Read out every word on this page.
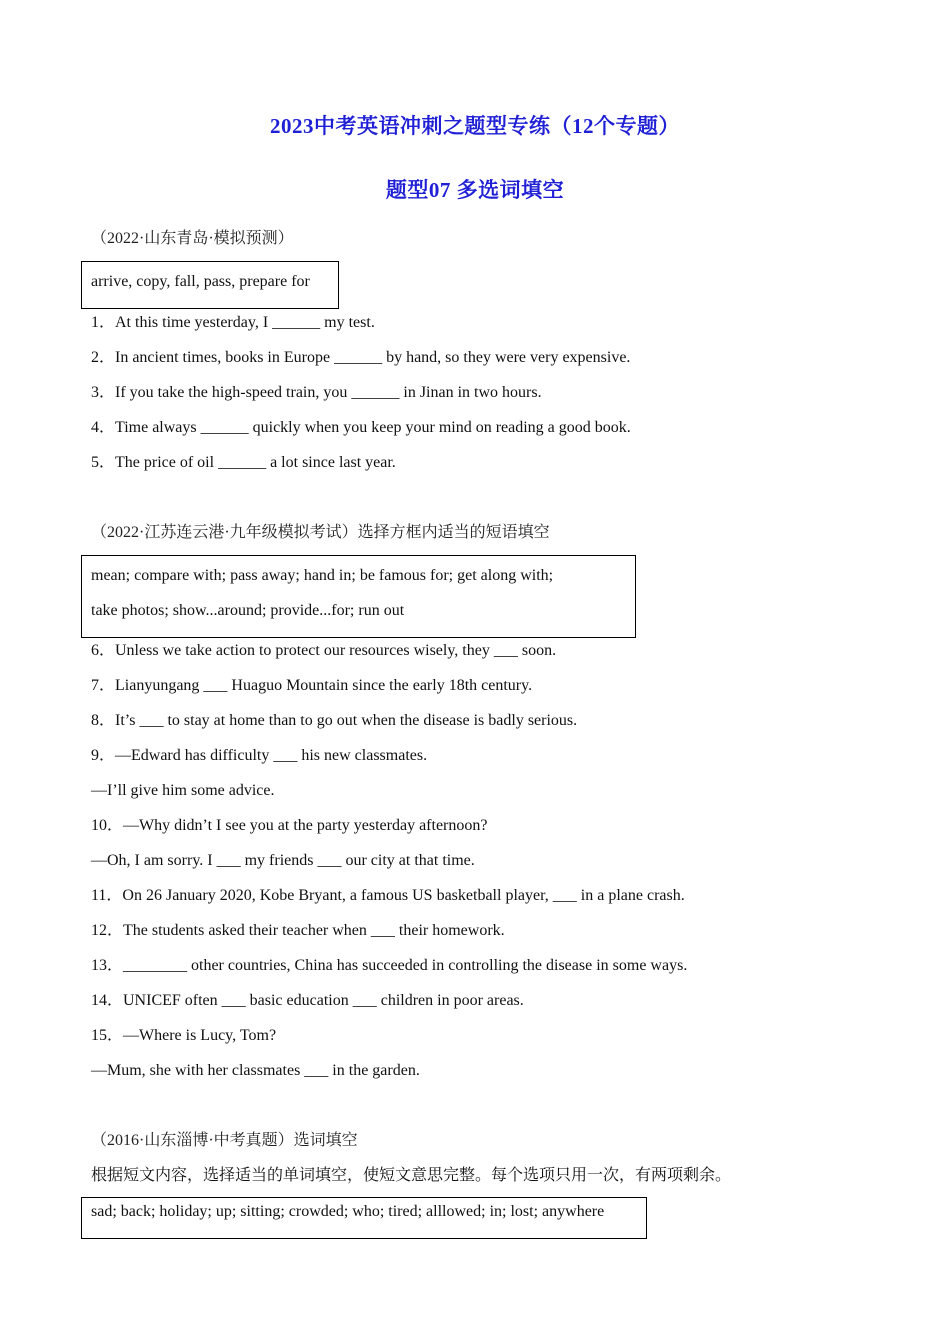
2023中考英语冲刺之题型专练（12个专题）
题型07 多选词填空
（2022·山东青岛·模拟预测）
arrive, copy, fall, pass, prepare for
1．At this time yesterday, I ______ my test.
2．In ancient times, books in Europe ______ by hand, so they were very expensive.
3．If you take the high-speed train, you ______ in Jinan in two hours.
4．Time always ______ quickly when you keep your mind on reading a good book.
5．The price of oil ______ a lot since last year.
（2022·江苏连云港·九年级模拟考试）选择方框内适当的短语填空
mean; compare with; pass away; hand in; be famous for; get along with;
take photos; show...around; provide...for; run out
6．Unless we take action to protect our resources wisely, they ___ soon.
7．Lianyungang ___ Huaguo Mountain since the early 18th century.
8．It’s ___ to stay at home than to go out when the disease is badly serious.
9．—Edward has difficulty ___ his new classmates.
—I’ll give him some advice.
10．—Why didn’t I see you at the party yesterday afternoon?
—Oh, I am sorry. I ___ my friends ___ our city at that time.
11．On 26 January 2020, Kobe Bryant, a famous US basketball player, ___ in a plane crash.
12．The students asked their teacher when ___ their homework.
13．________ other countries, China has succeeded in controlling the disease in some ways.
14．UNICEF often ___ basic education ___ children in poor areas.
15．—Where is Lucy, Tom?
—Mum, she with her classmates ___ in the garden.
（2016·山东淄博·中考真题）选词填空
根据短文内容，选择适当的单词填空，使短文意思完整。每个选项只用一次，有两项剩余。
sad; back; holiday; up; sitting; crowded; who; tired; alllowed; in; lost; anywhere
